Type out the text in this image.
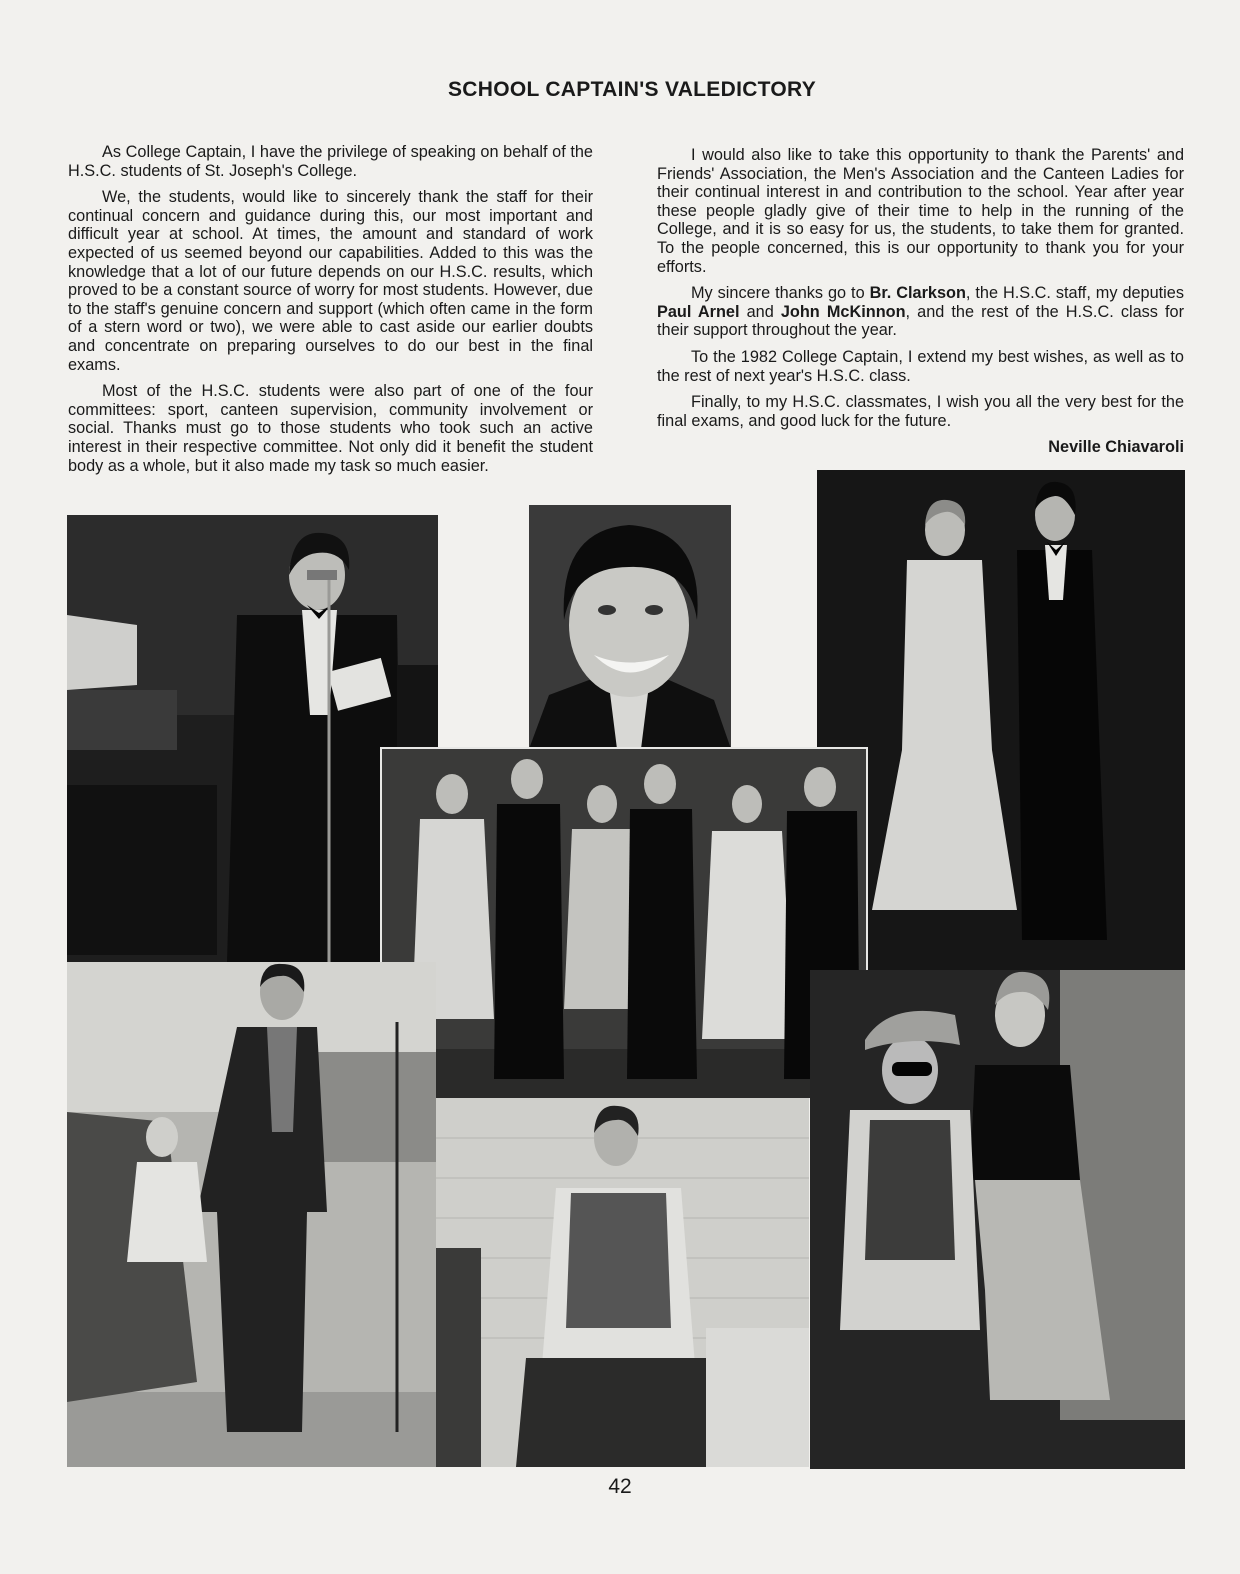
SCHOOL CAPTAIN'S VALEDICTORY

As College Captain, I have the privilege of speaking on behalf of the H.S.C. students of St. Joseph's College.

We, the students, would like to sincerely thank the staff for their continual concern and guidance during this, our most important and difficult year at school. At times, the amount and standard of work expected of us seemed beyond our capabilities. Added to this was the knowledge that a lot of our future depends on our H.S.C. results, which proved to be a constant source of worry for most students. However, due to the staff's genuine concern and support (which often came in the form of a stern word or two), we were able to cast aside our earlier doubts and concentrate on preparing ourselves to do our best in the final exams.

Most of the H.S.C. students were also part of one of the four committees: sport, canteen supervision, community involvement or social. Thanks must go to those students who took such an active interest in their respective committee. Not only did it benefit the student body as a whole, but it also made my task so much easier.

I would also like to take this opportunity to thank the Parents' and Friends' Association, the Men's Association and the Canteen Ladies for their continual interest in and contribution to the school. Year after year these people gladly give of their time to help in the running of the College, and it is so easy for us, the students, to take them for granted. To the people concerned, this is our opportunity to thank you for your efforts.

My sincere thanks go to Br. Clarkson, the H.S.C. staff, my deputies Paul Arnel and John McKinnon, and the rest of the H.S.C. class for their support throughout the year.

To the 1982 College Captain, I extend my best wishes, as well as to the rest of next year's H.S.C. class.

Finally, to my H.S.C. classmates, I wish you all the very best for the final exams, and good luck for the future.

Neville Chiavaroli

42
